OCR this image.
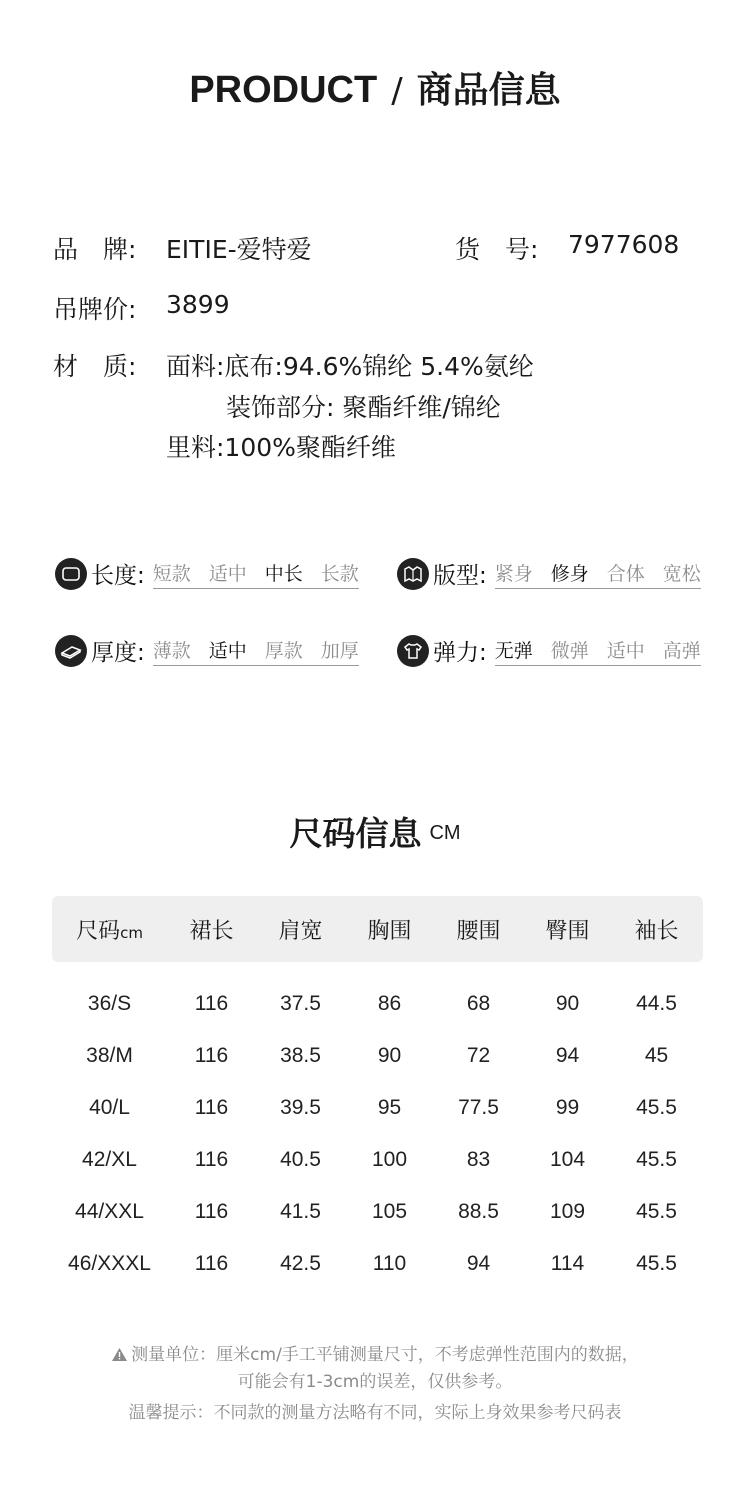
PRODUCT / 商品信息
品　牌: EITIE-爱特爱	货　号: 7977608
吊牌价: 3899
材　质: 面料:底布:94.6%锦纶 5.4%氨纶
装饰部分: 聚酯纤维/锦纶
里料:100%聚酯纤维
长度: 短款 适中 中长 长款	版型: 紧身 修身 合体 宽松
厚度: 薄款 适中 厚款 加厚	弹力: 无弹 微弹 适中 高弹
尺码信息 CM
尺码cm	裙长	肩宽	胸围	腰围	臀围	袖长
36/S	116	37.5	86	68	90	44.5
38/M	116	38.5	90	72	94	45
40/L	116	39.5	95	77.5	99	45.5
42/XL	116	40.5	100	83	104	45.5
44/XXL	116	41.5	105	88.5	109	45.5
46/XXXL	116	42.5	110	94	114	45.5
测量单位：厘米cm/手工平铺测量尺寸，不考虑弹性范围内的数据，
可能会有1-3cm的误差，仅供参考。
温馨提示：不同款的测量方法略有不同，实际上身效果参考尺码表
